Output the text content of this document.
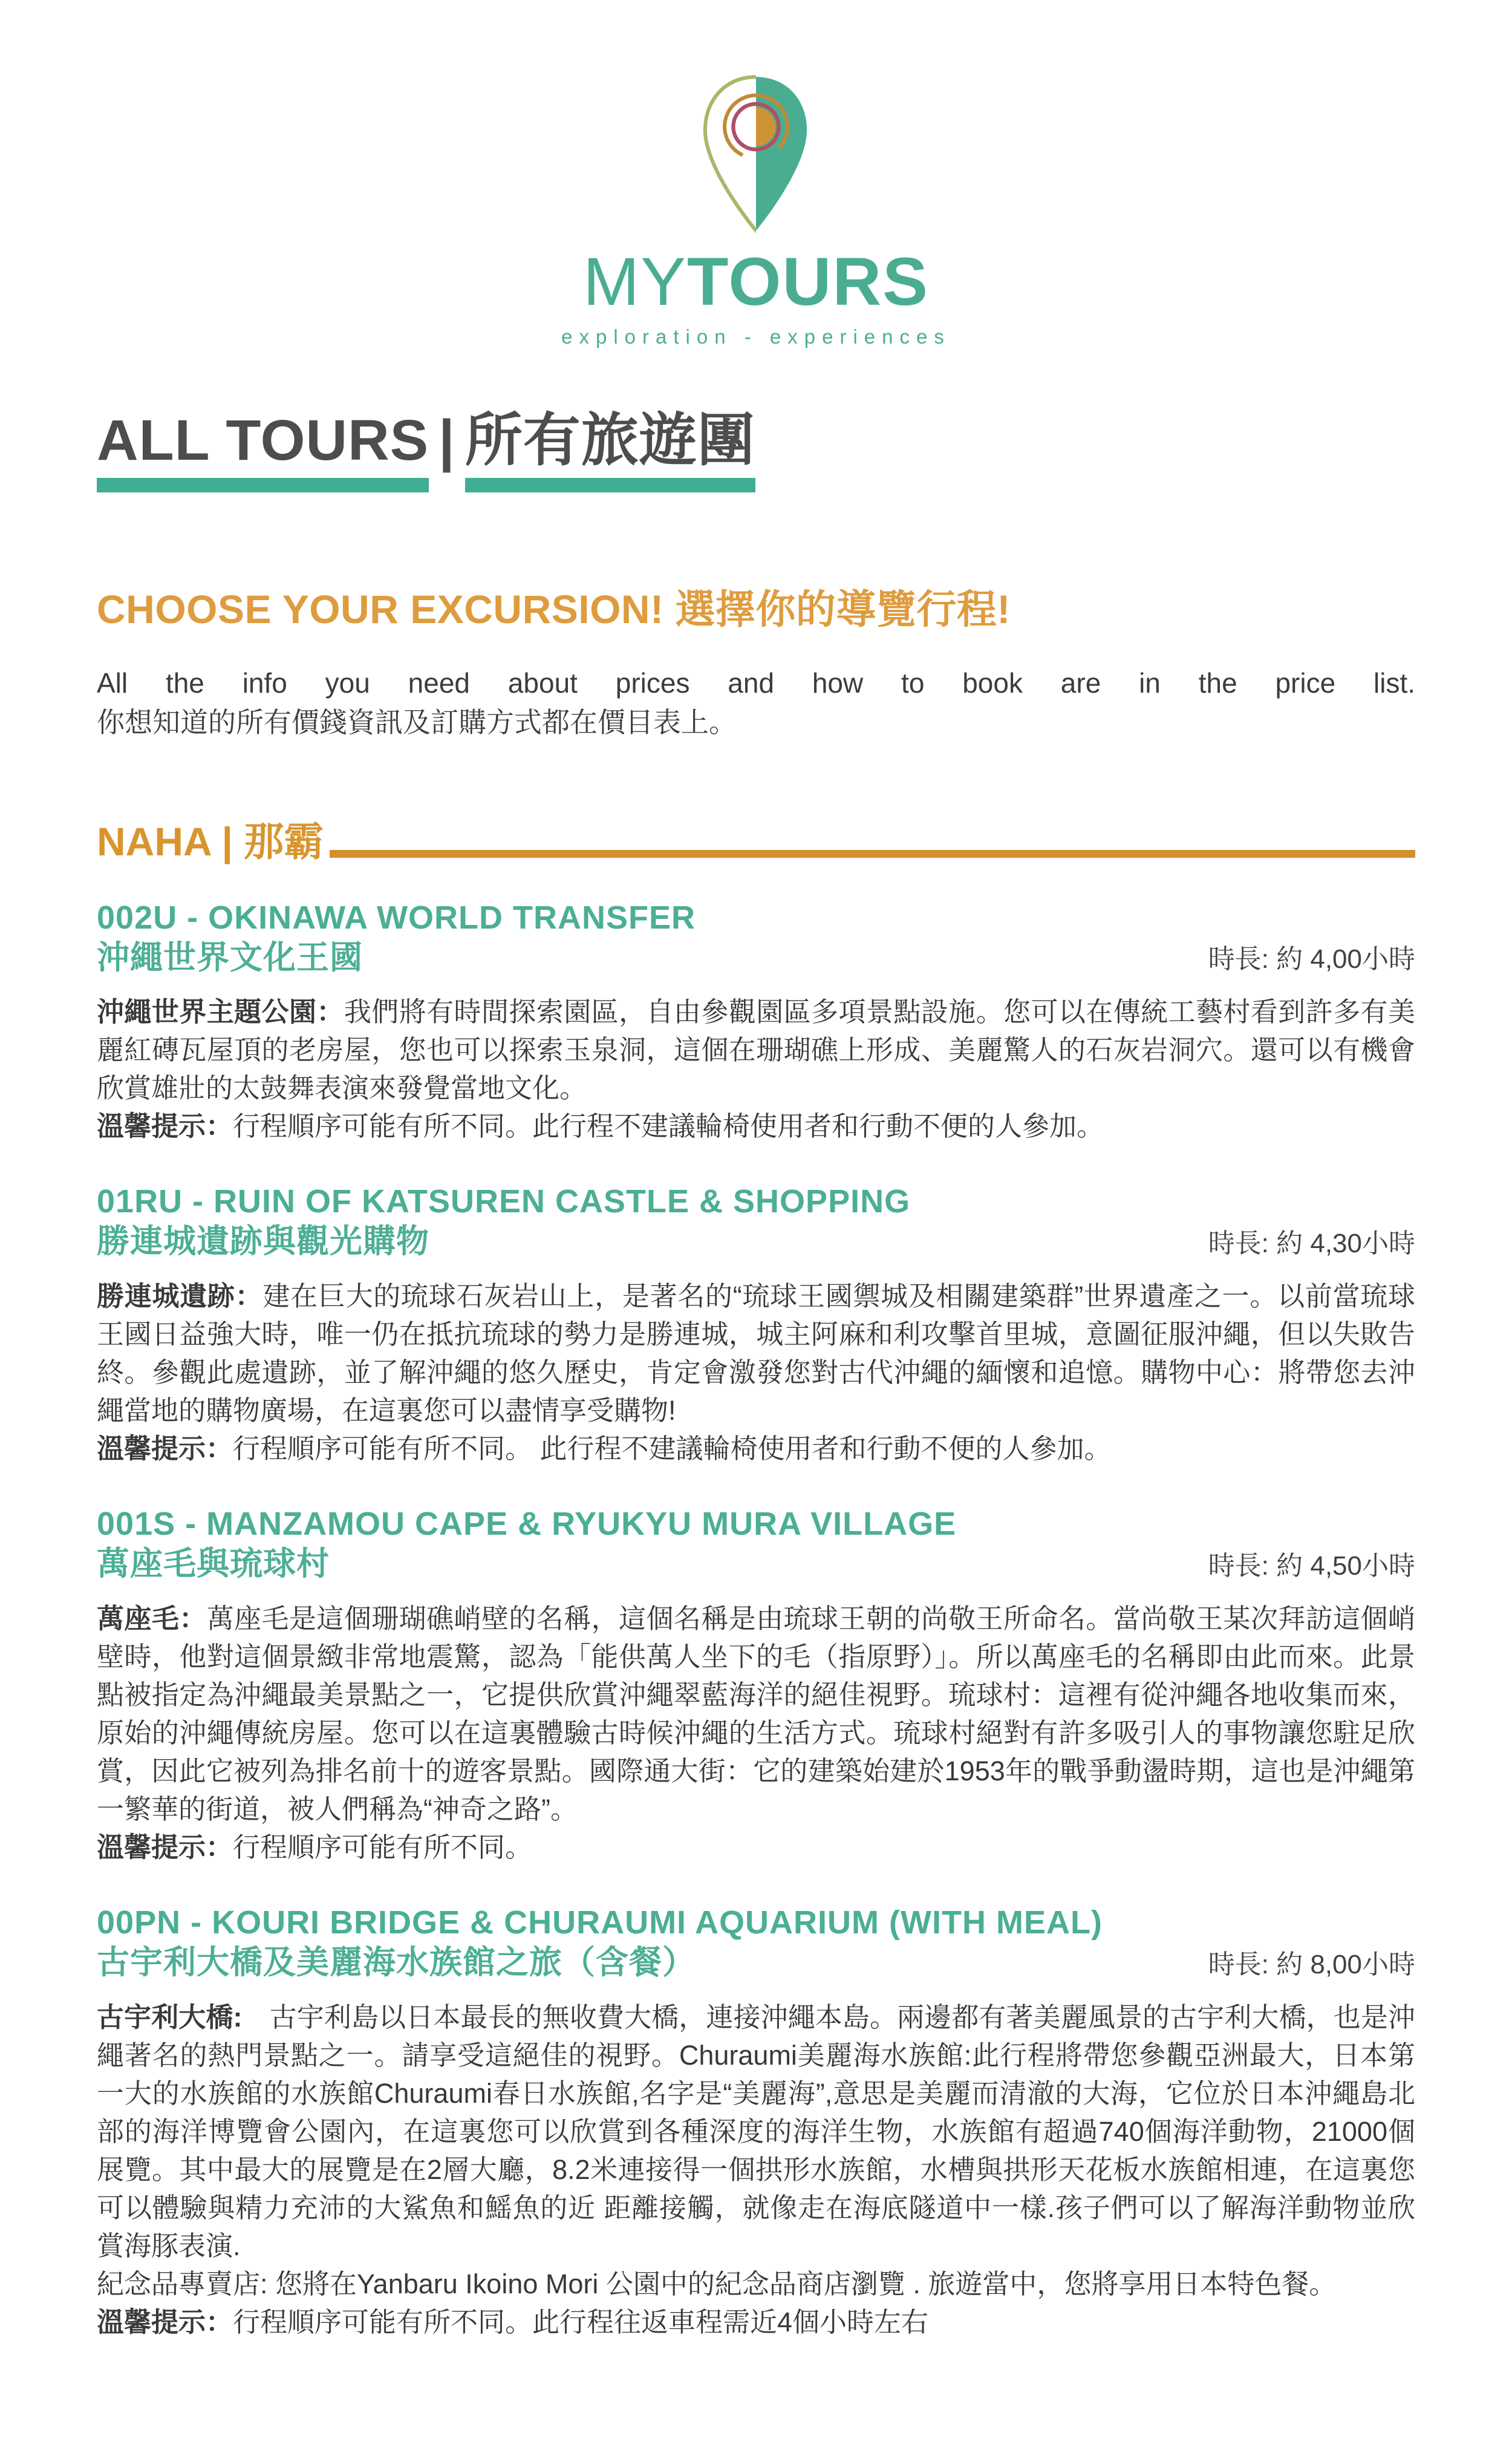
MYTOURS
exploration - experiences
ALL TOURS | 所有旅遊團
CHOOSE YOUR EXCURSION! 選擇你的導覽行程!

All the info you need about prices and how to book are in the price list.

你想知道的所有價錢資訊及訂購方式都在價目表上。

NAHA | 那霸
002U - OKINAWA WORLD TRANSFER
沖繩世界文化王國	時長: 約 4,00小時

沖繩世界主題公園：我們將有時間探索園區，自由參觀園區多項景點設施。您可以在傳統工藝村看到許多有美麗紅磚瓦屋頂的老房屋，您也可以探索玉泉洞，這個在珊瑚礁上形成、美麗驚人的石灰岩洞穴。還可以有機會欣賞雄壯的太鼓舞表演來發覺當地文化。

溫馨提示：行程順序可能有所不同。此行程不建議輪椅使用者和行動不便的人參加。

01RU - RUIN OF KATSUREN CASTLE & SHOPPING
勝連城遺跡與觀光購物	時長: 約 4,30小時

勝連城遺跡：建在巨大的琉球石灰岩山上，是著名的“琉球王國禦城及相關建築群”世界遺產之一。以前當琉球王國日益強大時，唯一仍在抵抗琉球的勢力是勝連城，城主阿麻和利攻擊首里城，意圖征服沖繩，但以失敗告終。參觀此處遺跡，並了解沖繩的悠久歷史，肯定會激發您對古代沖繩的緬懷和追憶。購物中心：將帶您去沖繩當地的購物廣場，在這裏您可以盡情享受購物!

溫馨提示：行程順序可能有所不同。 此行程不建議輪椅使用者和行動不便的人參加。

001S - MANZAMOU CAPE & RYUKYU MURA VILLAGE
萬座毛與琉球村	時長: 約 4,50小時

萬座毛：萬座毛是這個珊瑚礁峭壁的名稱，這個名稱是由琉球王朝的尚敬王所命名。當尚敬王某次拜訪這個峭壁時，他對這個景緻非常地震驚，認為「能供萬人坐下的毛（指原野）」。所以萬座毛的名稱即由此而來。此景點被指定為沖繩最美景點之一，它提供欣賞沖繩翠藍海洋的絕佳視野。琉球村：這裡有從沖繩各地收集而來，原始的沖繩傳統房屋。您可以在這裏體驗古時候沖繩的生活方式。琉球村絕對有許多吸引人的事物讓您駐足欣賞，因此它被列為排名前十的遊客景點。國際通大街：它的建築始建於1953年的戰爭動盪時期，這也是沖繩第一繁華的街道，被人們稱為“神奇之路”。

溫馨提示：行程順序可能有所不同。

00PN - KOURI BRIDGE & CHURAUMI AQUARIUM (WITH MEAL)
古宇利大橋及美麗海水族館之旅（含餐）	時長: 約 8,00小時

古宇利大橋:　古宇利島以日本最長的無收費大橋，連接沖繩本島。兩邊都有著美麗風景的古宇利大橋，也是沖繩著名的熱門景點之一。請享受這絕佳的視野。Churaumi美麗海水族館:此行程將帶您參觀亞洲最大，日本第一大的水族館的水族館Churaumi春日水族館,名字是“美麗海”,意思是美麗而清澈的大海，它位於日本沖繩島北部的海洋博覽會公園內，在這裏您可以欣賞到各種深度的海洋生物，水族館有超過740個海洋動物，21000個展覽。其中最大的展覽是在2層大廳，8.2米連接得一個拱形水族館，水槽與拱形天花板水族館相連，在這裏您可以體驗與精力充沛的大鯊魚和鰩魚的近 距離接觸，就像走在海底隧道中一樣.孩子們可以了解海洋動物並欣賞海豚表演.

紀念品專賣店: 您將在Yanbaru Ikoino Mori 公園中的紀念品商店瀏覽 . 旅遊當中，您將享用日本特色餐。

溫馨提示：行程順序可能有所不同。此行程往返車程需近4個小時左右
